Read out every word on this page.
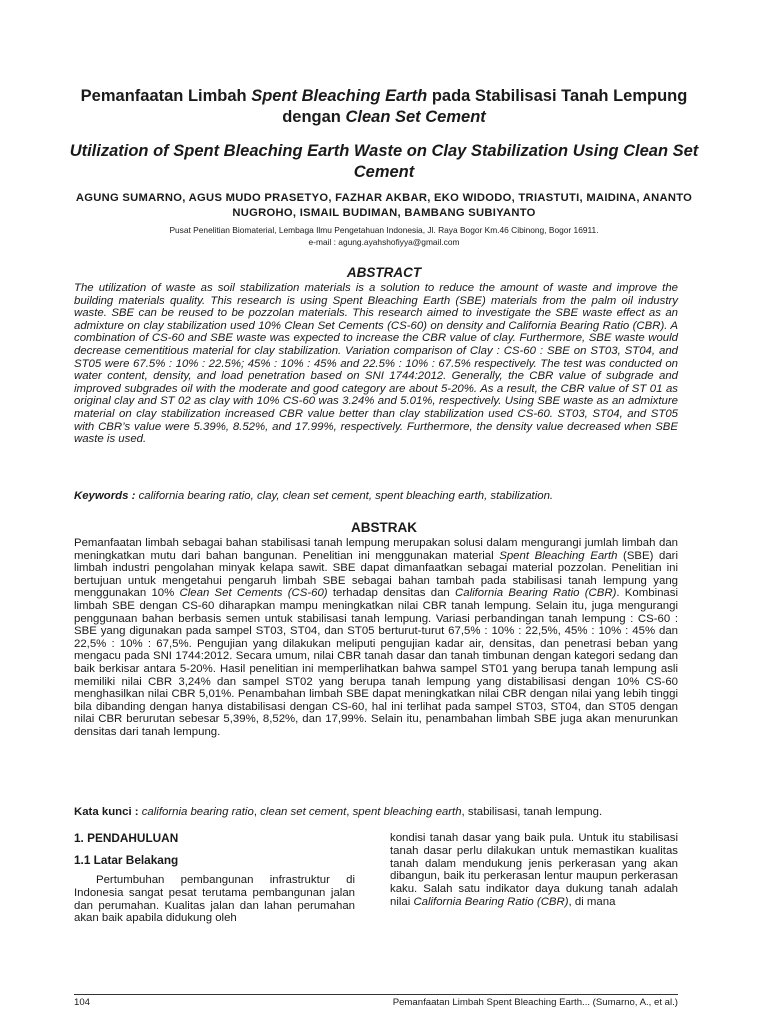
Pemanfaatan Limbah Spent Bleaching Earth pada Stabilisasi Tanah Lempung dengan Clean Set Cement
Utilization of Spent Bleaching Earth Waste on Clay Stabilization Using Clean Set Cement
AGUNG SUMARNO, AGUS MUDO PRASETYO, FAZHAR AKBAR, EKO WIDODO, TRIASTUTI, MAIDINA, ANANTO NUGROHO, ISMAIL BUDIMAN, BAMBANG SUBIYANTO
Pusat Penelitian Biomaterial, Lembaga Ilmu Pengetahuan Indonesia, Jl. Raya Bogor Km.46 Cibinong, Bogor 16911.
e-mail : agung.ayahshofiyya@gmail.com
ABSTRACT

The utilization of waste as soil stabilization materials is a solution to reduce the amount of waste and improve the building materials quality. This research is using Spent Bleaching Earth (SBE) materials from the palm oil industry waste. SBE can be reused to be pozzolan materials. This research aimed to investigate the SBE waste effect as an admixture on clay stabilization used 10% Clean Set Cements (CS-60) on density and California Bearing Ratio (CBR). A combination of CS-60 and SBE waste was expected to increase the CBR value of clay. Furthermore, SBE waste would decrease cementitious material for clay stabilization. Variation comparison of Clay : CS-60 : SBE on ST03, ST04, and ST05 were 67.5% : 10% : 22.5%; 45% : 10% : 45% and 22.5% : 10% : 67.5% respectively. The test was conducted on water content, density, and load penetration based on SNI 1744:2012. Generally, the CBR value of subgrade and improved subgrades oil with the moderate and good category are about 5-20%. As a result, the CBR value of ST 01 as original clay and ST 02 as clay with 10% CS-60 was 3.24% and 5.01%, respectively. Using SBE waste as an admixture material on clay stabilization increased CBR value better than clay stabilization used CS-60. ST03, ST04, and ST05 with CBR’s value were 5.39%, 8.52%, and 17.99%, respectively. Furthermore, the density value decreased when SBE waste is used.

Keywords : california bearing ratio, clay, clean set cement, spent bleaching earth, stabilization.

ABSTRAK

Pemanfaatan limbah sebagai bahan stabilisasi tanah lempung merupakan solusi dalam mengurangi jumlah limbah dan meningkatkan mutu dari bahan bangunan. Penelitian ini menggunakan material Spent Bleaching Earth (SBE) dari limbah industri pengolahan minyak kelapa sawit. SBE dapat dimanfaatkan sebagai material pozzolan. Penelitian ini bertujuan untuk mengetahui pengaruh limbah SBE sebagai bahan tambah pada stabilisasi tanah lempung yang menggunakan 10% Clean Set Cements (CS-60) terhadap densitas dan California Bearing Ratio (CBR). Kombinasi limbah SBE dengan CS-60 diharapkan mampu meningkatkan nilai CBR tanah lempung. Selain itu, juga mengurangi penggunaan bahan berbasis semen untuk stabilisasi tanah lempung. Variasi perbandingan tanah lempung : CS-60 : SBE yang digunakan pada sampel ST03, ST04, dan ST05 berturut-turut 67,5% : 10% : 22,5%, 45% : 10% : 45% dan 22,5% : 10% : 67,5%. Pengujian yang dilakukan meliputi pengujian kadar air, densitas, dan penetrasi beban yang mengacu pada SNI 1744:2012. Secara umum, nilai CBR tanah dasar dan tanah timbunan dengan kategori sedang dan baik berkisar antara 5-20%. Hasil penelitian ini memperlihatkan bahwa sampel ST01 yang berupa tanah lempung asli memiliki nilai CBR 3,24% dan sampel ST02 yang berupa tanah lempung yang distabilisasi dengan 10% CS-60 menghasilkan nilai CBR 5,01%. Penambahan limbah SBE dapat meningkatkan nilai CBR dengan nilai yang lebih tinggi bila dibanding dengan hanya distabilisasi dengan CS-60, hal ini terlihat pada sampel ST03, ST04, dan ST05 dengan nilai CBR berurutan sebesar 5,39%, 8,52%, dan 17,99%. Selain itu, penambahan limbah SBE juga akan menurunkan densitas dari tanah lempung.

Kata kunci : california bearing ratio, clean set cement, spent bleaching earth, stabilisasi, tanah lempung.

1. PENDAHULUAN
1.1 Latar Belakang

Pertumbuhan pembangunan infrastruktur di Indonesia sangat pesat terutama pembangunan jalan dan perumahan. Kualitas jalan dan lahan perumahan akan baik apabila didukung oleh

kondisi tanah dasar yang baik pula. Untuk itu stabilisasi tanah dasar perlu dilakukan untuk memastikan kualitas tanah dalam mendukung jenis perkerasan yang akan dibangun, baik itu perkerasan lentur maupun perkerasan kaku. Salah satu indikator daya dukung tanah adalah nilai California Bearing Ratio (CBR), di mana

104	Pemanfaatan Limbah Spent Bleaching Earth... (Sumarno, A., et al.)
